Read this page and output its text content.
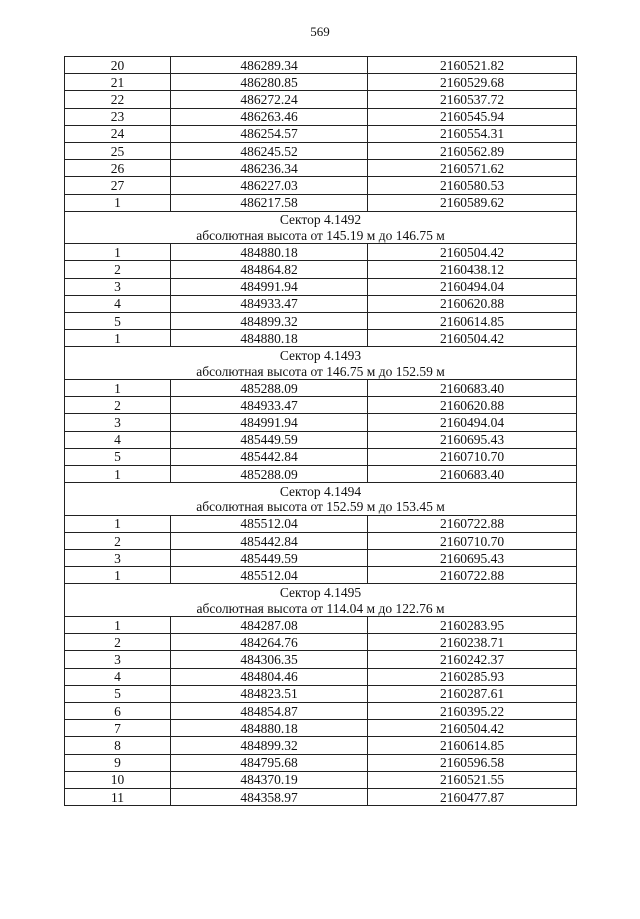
569
20	486289.34	2160521.82
21	486280.85	2160529.68
22	486272.24	2160537.72
23	486263.46	2160545.94
24	486254.57	2160554.31
25	486245.52	2160562.89
26	486236.34	2160571.62
27	486227.03	2160580.53
1	486217.58	2160589.62
Сектор 4.1492		
абсолютная высота от 145.19 м до 146.75 м		
1	484880.18	2160504.42
2	484864.82	2160438.12
3	484991.94	2160494.04
4	484933.47	2160620.88
5	484899.32	2160614.85
1	484880.18	2160504.42
Сектор 4.1493		
абсолютная высота от 146.75 м до 152.59 м		
1	485288.09	2160683.40
2	484933.47	2160620.88
3	484991.94	2160494.04
4	485449.59	2160695.43
5	485442.84	2160710.70
1	485288.09	2160683.40
Сектор 4.1494		
абсолютная высота от 152.59 м до 153.45 м		
1	485512.04	2160722.88
2	485442.84	2160710.70
3	485449.59	2160695.43
1	485512.04	2160722.88
Сектор 4.1495		
абсолютная высота от 114.04 м до 122.76 м		
1	484287.08	2160283.95
2	484264.76	2160238.71
3	484306.35	2160242.37
4	484804.46	2160285.93
5	484823.51	2160287.61
6	484854.87	2160395.22
7	484880.18	2160504.42
8	484899.32	2160614.85
9	484795.68	2160596.58
10	484370.19	2160521.55
11	484358.97	2160477.87
